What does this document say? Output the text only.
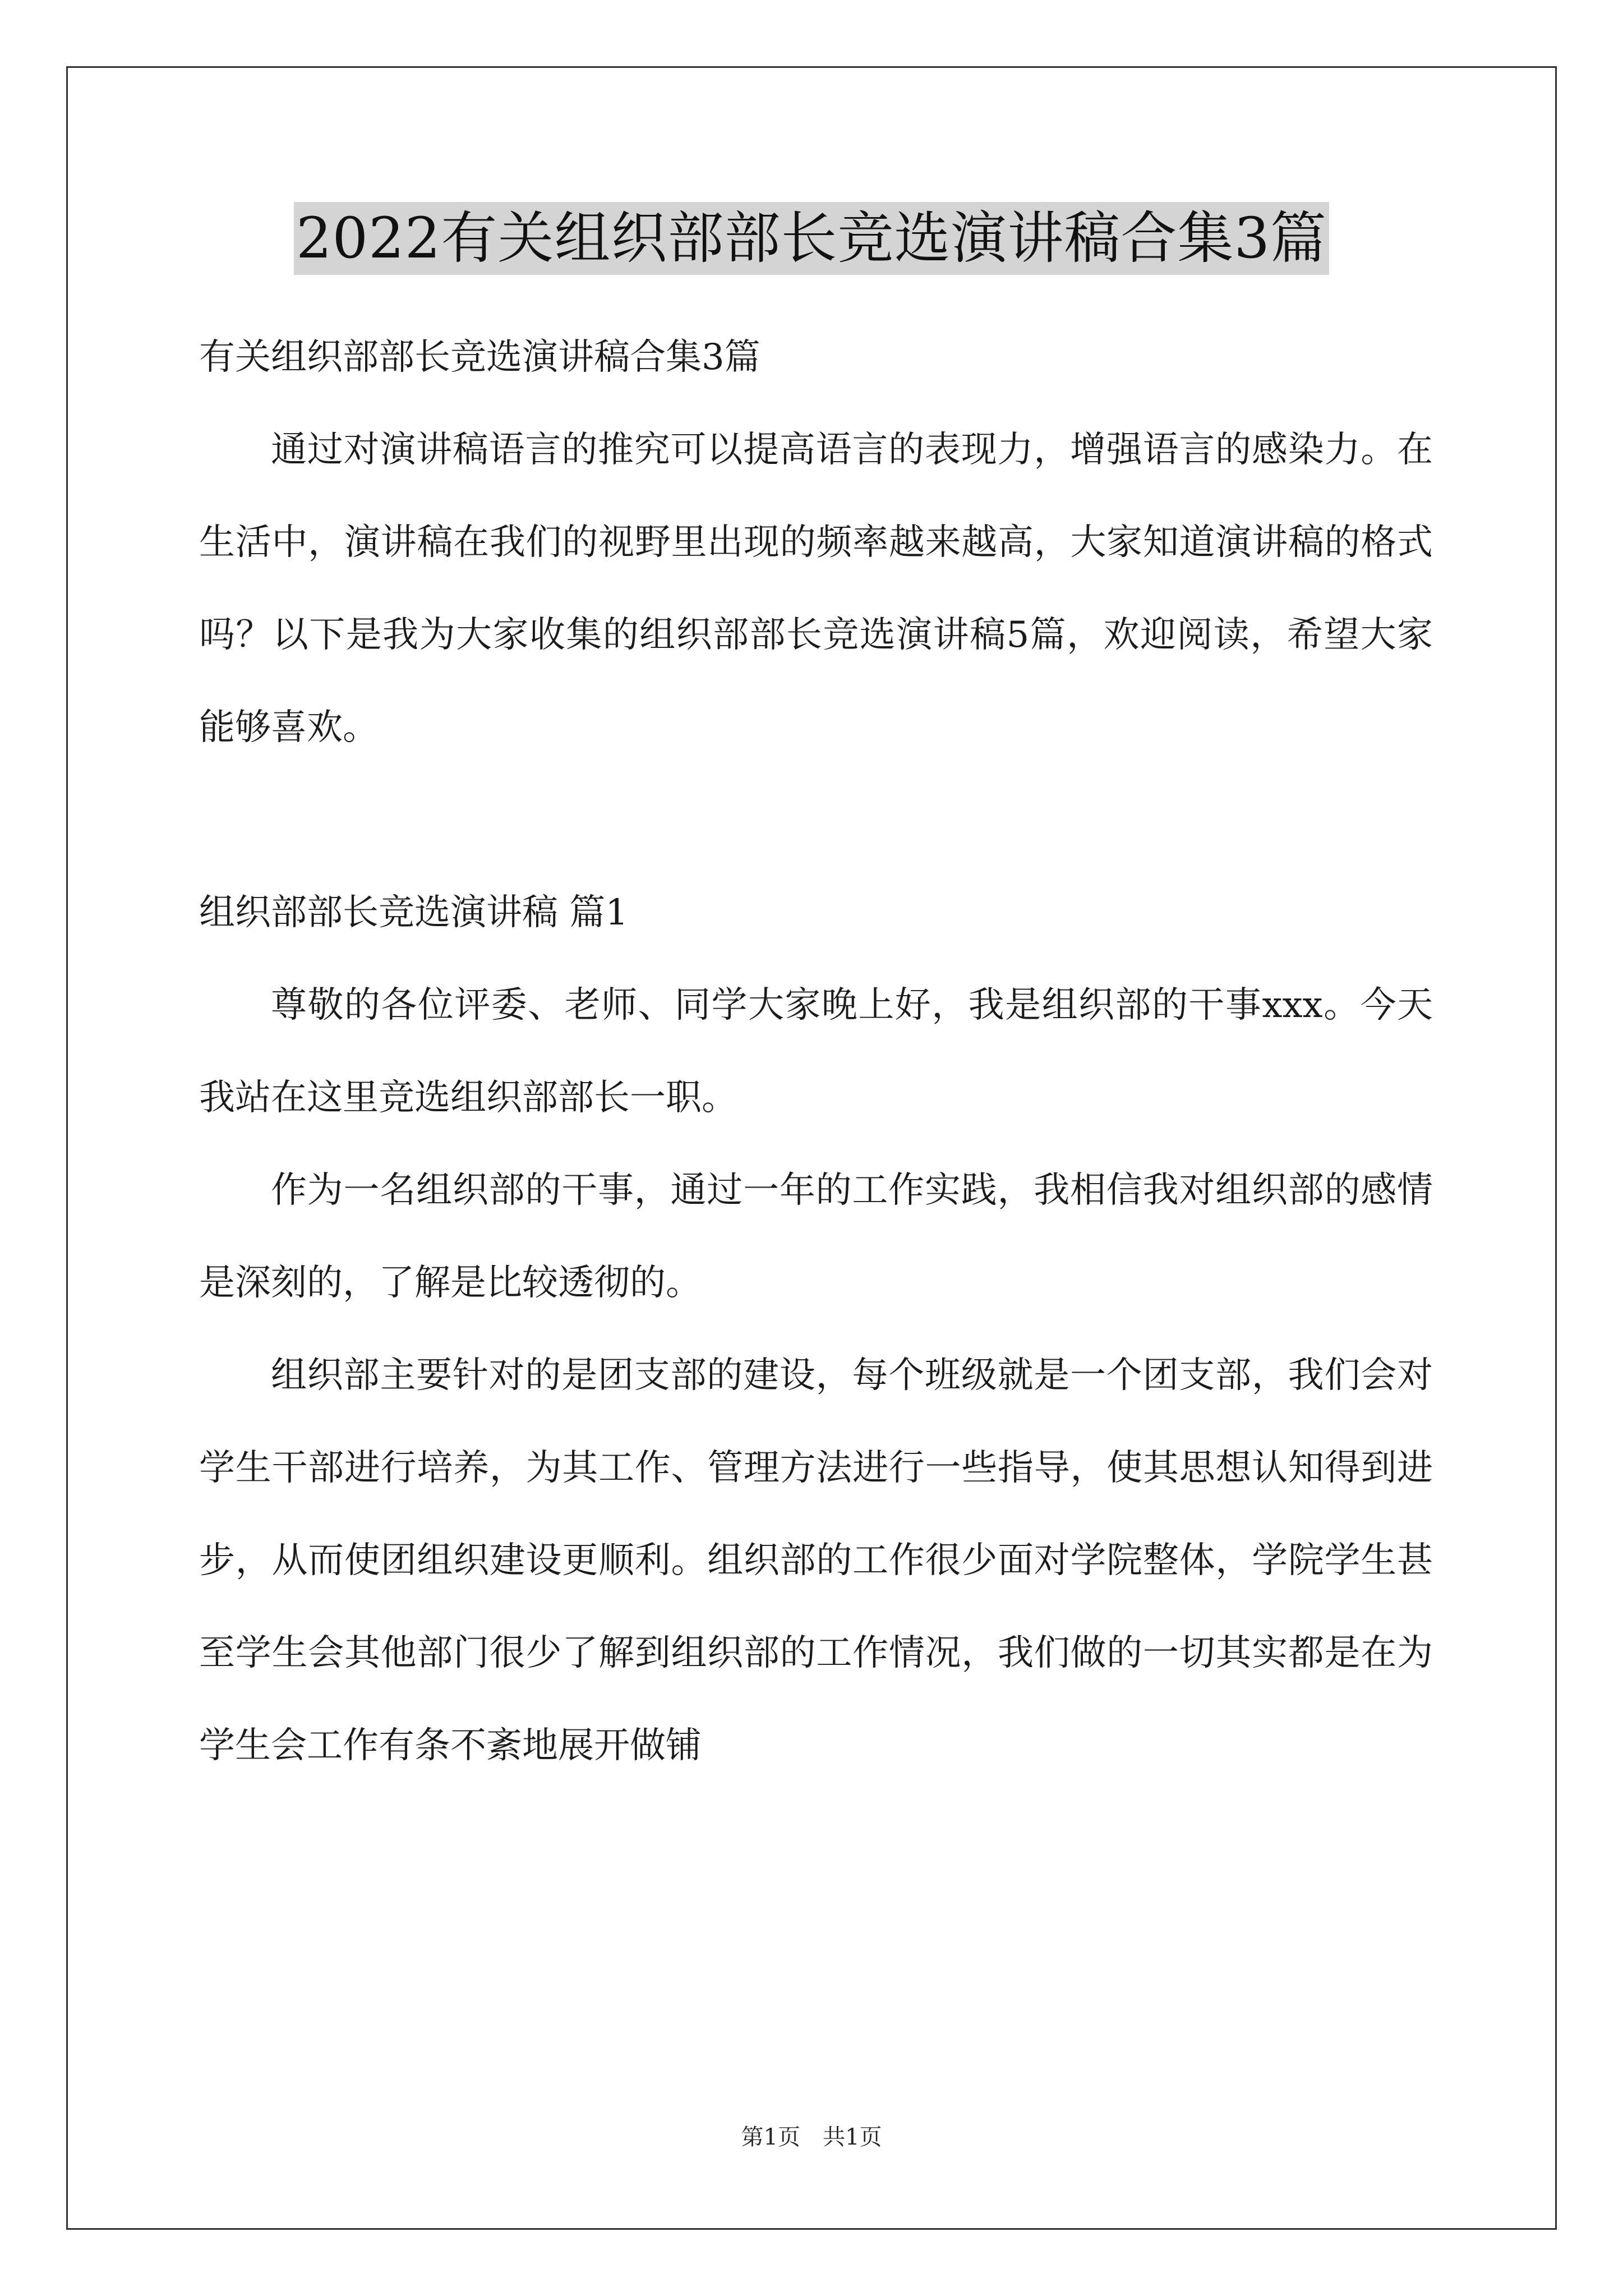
2022有关组织部部长竞选演讲稿合集3篇

有关组织部部长竞选演讲稿合集3篇

通过对演讲稿语言的推究可以提高语言的表现力，增强语言的感染力。在生活中，演讲稿在我们的视野里出现的频率越来越高，大家知道演讲稿的格式吗？以下是我为大家收集的组织部部长竞选演讲稿5篇，欢迎阅读，希望大家能够喜欢。

组织部部长竞选演讲稿 篇1

尊敬的各位评委、老师、同学大家晚上好，我是组织部的干事xxx。今天我站在这里竞选组织部部长一职。

作为一名组织部的干事，通过一年的工作实践，我相信我对组织部的感情是深刻的，了解是比较透彻的。

组织部主要针对的是团支部的建设，每个班级就是一个团支部，我们会对学生干部进行培养，为其工作、管理方法进行一些指导，使其思想认知得到进步，从而使团组织建设更顺利。组织部的工作很少面对学院整体，学院学生甚至学生会其他部门很少了解到组织部的工作情况，我们做的一切其实都是在为学生会工作有条不紊地展开做铺

第1页　共1页
